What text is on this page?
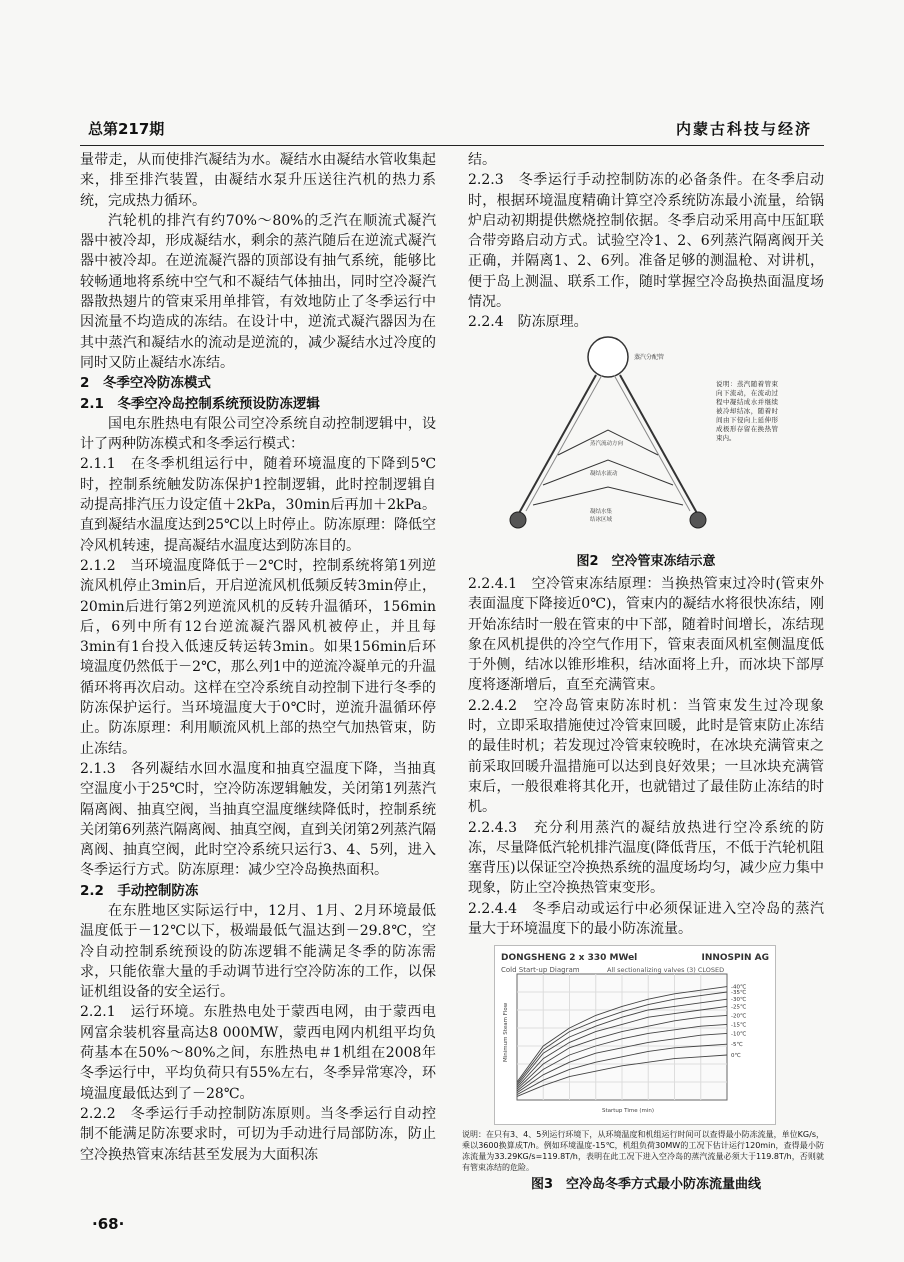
总第217期	内蒙古科技与经济

量带走，从而使排汽凝结为水。凝结水由凝结水管收集起来，排至排汽装置，由凝结水泵升压送往汽机的热力系统，完成热力循环。

汽轮机的排汽有约70%～80%的乏汽在顺流式凝汽器中被冷却，形成凝结水，剩余的蒸汽随后在逆流式凝汽器中被冷却。在逆流凝汽器的顶部设有抽气系统，能够比较畅通地将系统中空气和不凝结气体抽出，同时空冷凝汽器散热翅片的管束采用单排管，有效地防止了冬季运行中因流量不均造成的冻结。在设计中，逆流式凝汽器因为在其中蒸汽和凝结水的流动是逆流的，减少凝结水过冷度的同时又防止凝结水冻结。

2　冬季空冷防冻模式

2.1　冬季空冷岛控制系统预设防冻逻辑

国电东胜热电有限公司空冷系统自动控制逻辑中，设计了两种防冻模式和冬季运行模式：

2.1.1　在冬季机组运行中，随着环境温度的下降到5℃时，控制系统触发防冻保护1控制逻辑，此时控制逻辑自动提高排汽压力设定值＋2kPa，30min后再加＋2kPa。直到凝结水温度达到25℃以上时停止。防冻原理：降低空冷风机转速，提高凝结水温度达到防冻目的。

2.1.2　当环境温度降低于－2℃时，控制系统将第1列逆流风机停止3min后，开启逆流风机低频反转3min停止，20min后进行第2列逆流风机的反转升温循环，156min后，6列中所有12台逆流凝汽器风机被停止，并且每3min有1台投入低速反转运转3min。如果156min后环境温度仍然低于－2℃，那么列1中的逆流冷凝单元的升温循环将再次启动。这样在空冷系统自动控制下进行冬季的防冻保护运行。当环境温度大于0℃时，逆流升温循环停止。防冻原理：利用顺流风机上部的热空气加热管束，防止冻结。

2.1.3　各列凝结水回水温度和抽真空温度下降，当抽真空温度小于25℃时，空冷防冻逻辑触发，关闭第1列蒸汽隔离阀、抽真空阀，当抽真空温度继续降低时，控制系统关闭第6列蒸汽隔离阀、抽真空阀，直到关闭第2列蒸汽隔离阀、抽真空阀，此时空冷系统只运行3、4、5列，进入冬季运行方式。防冻原理：减少空冷岛换热面积。

2.2　手动控制防冻

在东胜地区实际运行中，12月、1月、2月环境最低温度低于－12℃以下，极端最低气温达到－29.8℃，空冷自动控制系统预设的防冻逻辑不能满足冬季的防冻需求，只能依靠大量的手动调节进行空冷防冻的工作，以保证机组设备的安全运行。

2.2.1　运行环境。东胜热电处于蒙西电网，由于蒙西电网富余装机容量高达8 000MW，蒙西电网内机组平均负荷基本在50%～80%之间，东胜热电＃1机组在2008年冬季运行中，平均负荷只有55%左右，冬季异常寒冷，环境温度最低达到了－28℃。

2.2.2　冬季运行手动控制防冻原则。当冬季运行自动控制不能满足防冻要求时，可切为手动进行局部防冻，防止空冷换热管束冻结甚至发展为大面积冻

结。

2.2.3　冬季运行手动控制防冻的必备条件。在冬季启动时，根据环境温度精确计算空冷系统防冻最小流量，给锅炉启动初期提供燃烧控制依据。冬季启动采用高中压缸联合带旁路启动方式。试验空冷1、2、6列蒸汽隔离阀开关正确，并隔离1、2、6列。准备足够的测温枪、对讲机，便于岛上测温、联系工作，随时掌握空冷岛换热面温度场情况。

2.2.4　防冻原理。

蒸汽分配管
蒸汽流动方向
凝结水流动
凝结水集
结冰区域
说明：蒸汽随着管束向下流动，在流动过程中凝结成水并继续被冷却结冰，随着时间由下侵向上延伸形成极形存留在换热管束内。
图2　空冷管束冻结示意

2.2.4.1　空冷管束冻结原理：当换热管束过冷时(管束外表面温度下降接近0℃)，管束内的凝结水将很快冻结，刚开始冻结时一般在管束的中下部，随着时间增长，冻结现象在风机提供的冷空气作用下，管束表面风机室侧温度低于外侧，结冰以锥形堆积，结冰面将上升，而冰块下部厚度将逐渐增后，直至充满管束。

2.2.4.2　空冷岛管束防冻时机：当管束发生过冷现象时，立即采取措施使过冷管束回暖，此时是管束防止冻结的最佳时机；若发现过冷管束较晚时，在冰块充满管束之前采取回暖升温措施可以达到良好效果；一旦冰块充满管束后，一般很难将其化开，也就错过了最佳防止冻结的时机。

2.2.4.3　充分利用蒸汽的凝结放热进行空冷系统的防冻，尽量降低汽轮机排汽温度(降低背压，不低于汽轮机阻塞背压)以保证空冷换热系统的温度场均匀，减少应力集中现象，防止空冷换热管束变形。

2.2.4.4　冬季启动或运行中必须保证进入空冷岛的蒸汽量大于环境温度下的最小防冻流量。

DONGSHENG 2 x 330 MWel	INNOSPIN AG
Cold Start-up Diagram	All sectionalizing valves (3) CLOSED
-40℃
-35℃
-30℃
-25℃
-20℃
-15℃
-10℃
-5℃
0℃
Startup Time (min)
Minimum Steam Flow
说明：在只有3、4、5列运行环境下，从环境温度和机组运行时间可以查得最小防冻流量，单位KG/s，乘以3600换算成T/h。例如环境温度-15℃，机组负荷30MW的工况下估计运行120min，查得最小防冻流量为33.29KG/s=119.8T/h，表明在此工况下进入空冷岛的蒸汽流量必须大于119.8T/h，否则就有管束冻结的危险。
图3　空冷岛冬季方式最小防冻流量曲线
·68·
